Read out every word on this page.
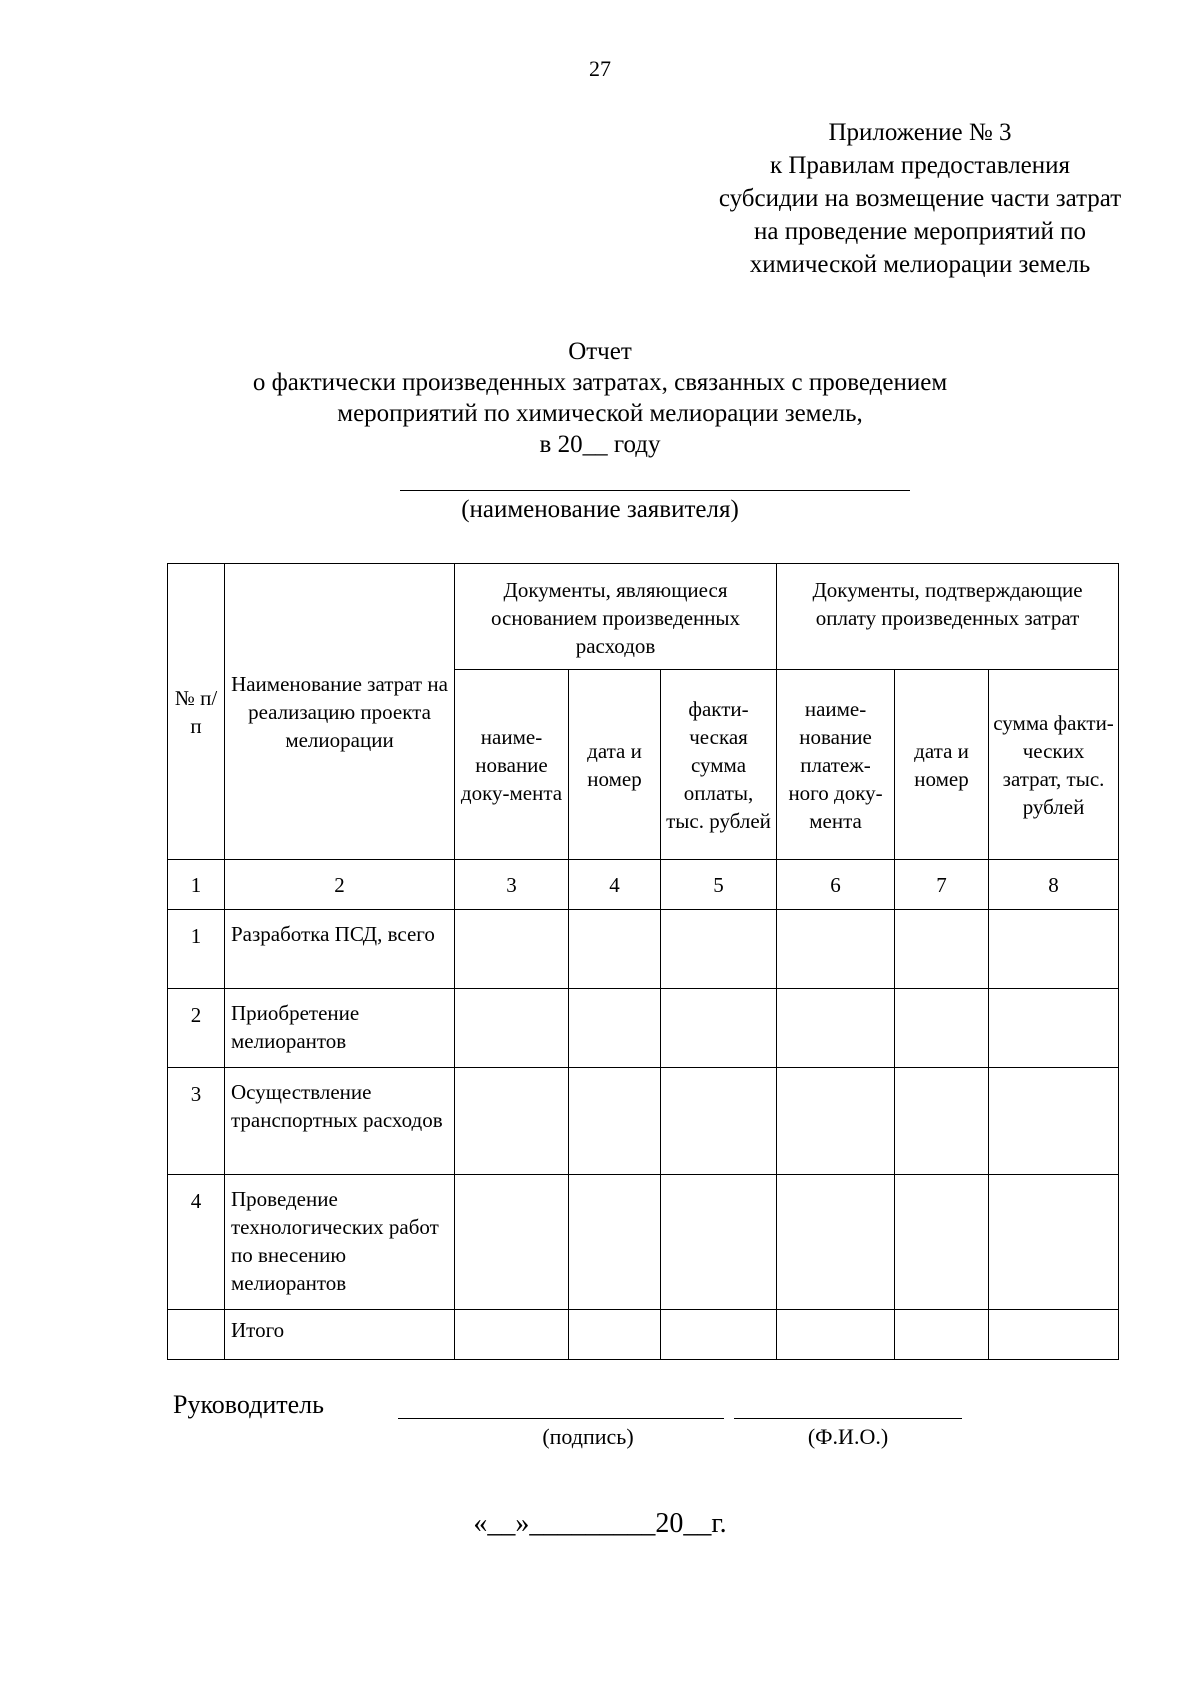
27
Приложение № 3
к Правилам предоставления
субсидии на возмещение части затрат
на проведение мероприятий по
химической мелиорации земель
Отчет
о фактически произведенных затратах, связанных с проведением
мероприятий по химической мелиорации земель,
в 20__ году
(наименование заявителя)
№ п/п	Наименование затрат на реализацию проекта мелиорации	Документы, являющиеся основанием произведенных расходов			Документы, подтверждающие оплату произведенных затрат		
		наиме-нование доку-мента	дата и номер	факти-ческая сумма оплаты, тыс. рублей	наиме-нование платеж-ного доку-мента	дата и номер	сумма факти-ческих затрат, тыс. рублей
1	2	3	4	5	6	7	8
1	Разработка ПСД, всего						
2	Приобретение мелиорантов						
3	Осуществление транспортных расходов						
4	Проведение технологических работ по внесению мелиорантов						
	Итого						
Руководитель
(подпись)	(Ф.И.О.)
«__»_________20__г.
